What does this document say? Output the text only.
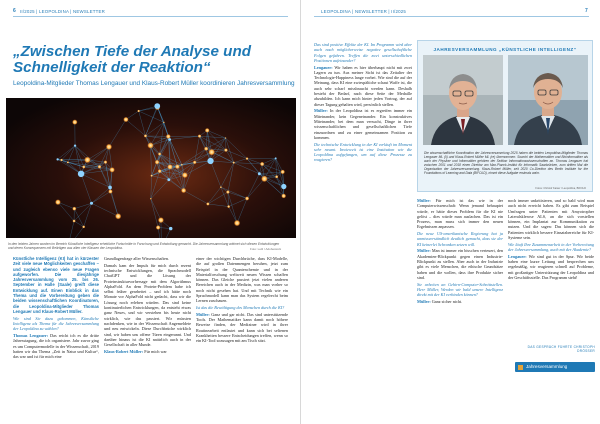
6 II/2025 | LEOPOLDINA | NEWSLETTER
„Zwischen Tiefe der Analyse und Schnelligkeit der Reaktion“
Leopoldina-Mitglieder Thomas Lengauer und Klaus-Robert Müller koordinieren Jahresversammlung
In den letzten Jahren wurden im Bereich Künstliche Intelligenz erhebliche Fortschritte in Forschung und Entwicklung gemacht. Die Jahresversammlung widmet sich diesen Entwicklungen und deren Konsequenzen mit Beiträgen aus allen vier Klassen der Leopoldina.	Foto: Leitl / Adobestock

Künstliche Intelligenz (KI) hat in kürzester Zeit viele neue Möglichkeiten geschaffen – und zugleich ebenso viele neue Fragen aufgeworfen. Die diesjährige Jahresversammlung vom 25. bis 26. September in Halle (Saale) greift diese Entwicklung auf. Einen Einblick in das Thema und die Vorbereitung geben die beiden wissenschaftlichen Koordinatoren, die Leopoldina-Mitglieder Thomas Lengauer und Klaus-Robert Müller.

Wie sind Sie dazu gekommen, Künstliche Intelligenz als Thema für die Jahresversammlung der Leopoldina zu wählen?

Thomas Lengauer: Das reicht ich es die dritte Jahresstagung, die ich organisiere. Jahr zuvor ging es um Computermodelle in der Wissenschaft, 2019 hatten wir das Thema „Zeit in Natur und Kultur“, das war und ist für mich eine

Grundlagenfrage aller Wissenschaften.

Damals kam der Impuls für mich durch rezent technische Entwicklungen, die Sprachmodell ChatGPT und die Lösung der Proteinstrukturvorhersage mit dem Algorithmus AlphaFold. An dem Protein-Problem habe ich selbst früher gearbeitet – und ich hätte noch Monate vor AlphaFold nicht gedacht, dass wir die Lösung noch erleben würden. Das sind keine kontinuierlichen Entwicklungen, da entsteht etwas ganz Neues, und wir verstehen bis heute nicht wirklich, wie das passiert. Wir müssten nachdenken, wie in der Wissenschaft Angemeldete und neu entwickeln. Diese Durchbrüche wirklich sind, wir haben uns offene Türen eingerannt. Und darüber hinaus ist die KI natürlich auch in der Gesellschaft in aller Munde.

Klaus-Robert Müller: Für mich war

einer der wichtigen Durchbrüche, dass KI-Modelle, die auf großen Datenmengen beruhen, jetzt zum Beispiel in der Quantenchemie und in der Materialforschung weltweit neuen Wissen schaffen können. Das Gleiche passiert jetzt vielen anderen Bereichen auch in der Medizin, was man vorher so noch nicht gesehen hat. Und mit Technik wie ein Sprachmodell kann man das System regelrecht beim Lernen zuschauen.

Ist das die Bewältigung des Menschen durch die KI?

Müller: Ganz und gar nicht. Das sind unterstützende Tools. Der Mathematiker kann damit noch höhere Beweise finden, der Mediziner wird in ihrer Routinearbeit entlastet und kann sich bei seltenen Krankheiten bessere Entscheidungen treffen, wenn so ein KI-Tool sozusagen mit am Tisch sitzt.

LEOPOLDINA | NEWSLETTER | II/2025	7

Das sind positive Effekte der KI. Im Programm wird aber auch nach möglicherweise negative gesellschaftliche Folgen gefahren. Treffen die zwei unterschiedlichen Positionen aufeinander?

Lengauer: Wir haben es hier überhaupt nicht mit zwei Lagern zu tun. Aus meiner Sicht ist das Zeitalter der Technologie-Happiness lange vorbei. Wie sind die auf der Meinung, dass KI eine zwiespältiche schaut Waffe ist, die auch sehr scharf missbraucht werden kann. Deshalb besteht der Bedarf, nach diese Seite der Medaille abzubilden. Ich kann mich hinter jeden Vortrag, der auf dieser Tagung gehalten wird, persönlich stellen.

Müller: In der Leopoldina ist es ergreifen immer ein Miteinander, kein Gegeneinander. Ein konstruktives Miteinander, bei dem man versucht, Dinge in ihrer wissenschaftlichen und gesellschaftlichen Tiefe einzuordnen und zu einer gemeinsamen Position zu kommen.

Die technische Entwicklung in der KI verläuft im Moment sehr rasant. Inwieweit ist eine Institution wie die Leopoldina aufgefangen, um auf diese Prozesse zu reagieren?

JAHRESVERSAMMLUNG „KÜNSTLICHE INTELLIGENZ“
Die wissenschaftliche Koordination der Jahresversammlung 2025 haben die beiden Leopoldina-Mitglieder Thomas Lengauer ML (li) und Klaus-Robert Müller ML (re) übernommen. Sowohl der Mathematiker und Bioinformatiker als auch der Physiker und Informatiker gehören der Sektion Informationswissenschaften an. Thomas Lengauer hat zwischen 2001 und 2018 einen Direktor am Max-Planck-Institut für Informatik Saarbrücken, zum dritten Mal die Organisation der Jahresversammlung. Klaus-Robert Müller, seit 2020 Co-Direktor des Berlin Institute for the Foundations of Learning and Data (BIFOLD), nimmt diese Aufgabe erstmals wahr.
Fotos: Christof Kaiser / Leopoldina, BIFOLD

Müller: Für mich ist das wie in der Computerwissenschaft: Wenn jemand behauptet würde, er hätte dieses Problem für die KI nie gelöst – dies würde man auslachen. Das ist ein Prozess, man muss sich immer den neuen Ergebnissen anpassen.

Die neue US-amerikanische Regierung hat ja unmissverständlich deutlich gemacht, dass sie der KI keinerlei Schranken setzen will.

Müller: Man ist immer ein bisschen verteuert, den Akademien-Blickpunkt gegen einen Industrie-Blickpunkt zu stellen. Aber auch in der Industrie gibt es viele Menschen, die ethische Grundsätze haben und die wollen, dass ihre Produkte sicher sind.

Sie arbeiten an Gehirn-Computer-Schnittstellen. Herr Müller, Werden wir bald unsere Intelligenz direkt mit der KI verbinden können?

Müller: Ganz sicher nicht.

noch immer unkritisieren, und so bald wird man auch nicht erreicht haben. Es gibt zum Beispiel Umfragen unter Patienten mit Amyotropher Lateralsklerose ALS, an die sich vorstellen können, ein Implantat zur Kommunikation zu nutzen. Und die sagen: Das können sich die Patienten wirklich bessere Einsatzbereiche für KI-Systeme sein.

Wie läuft Ihre Zusammenarbeit in der Vorbereitung der Jahresversammlung, auch mit der Akademie?

Lengauer: Wir sind gut in der Spur. Wir beide haben eine kurze Leitung und besprechen uns regelmäßig, wir reagieren schnell auf Probleme, mit großartiger Unterstützung der Leopoldina und der Geschäftsstelle. Das Programm steht!

DAS GESPRÄCH FÜHRTE CHRISTOPH DRÖSSER
Jahresversammlung
